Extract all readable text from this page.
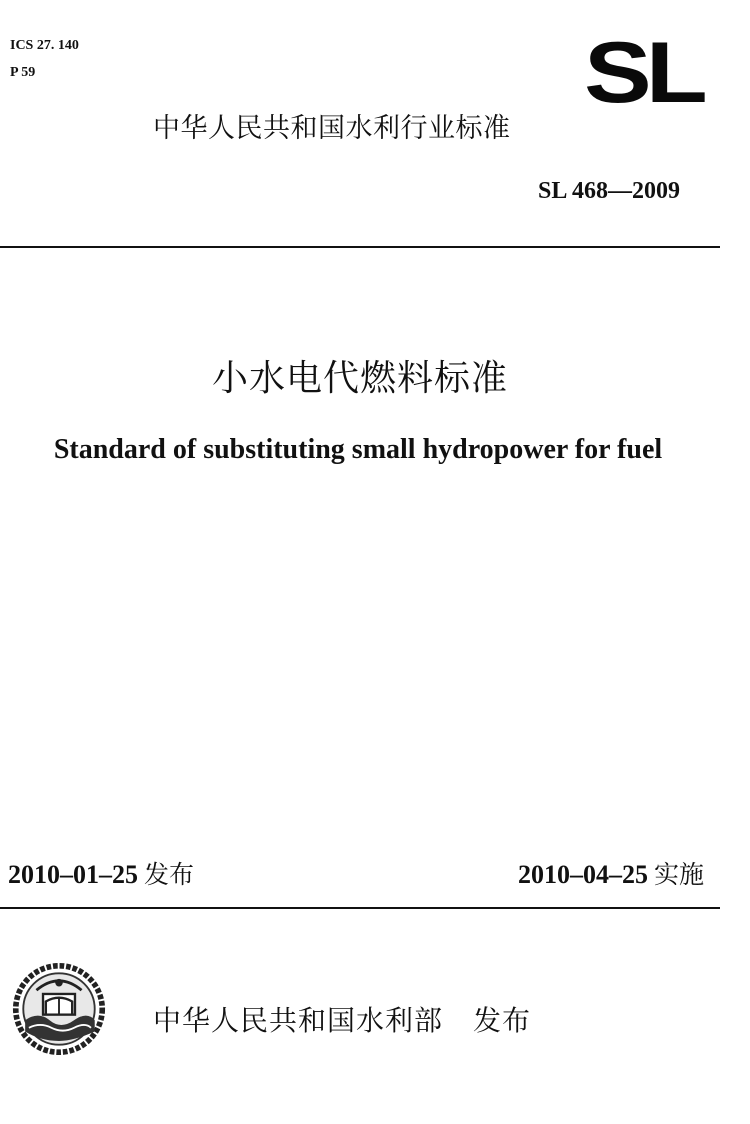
ICS 27. 140
P 59	SL
中华人民共和国水利行业标准
SL 468—2009
小水电代燃料标准
Standard of substituting small hydropower for fuel
2010–01–25 发布	2010–04–25 实施
中华人民共和国水利部 发布
